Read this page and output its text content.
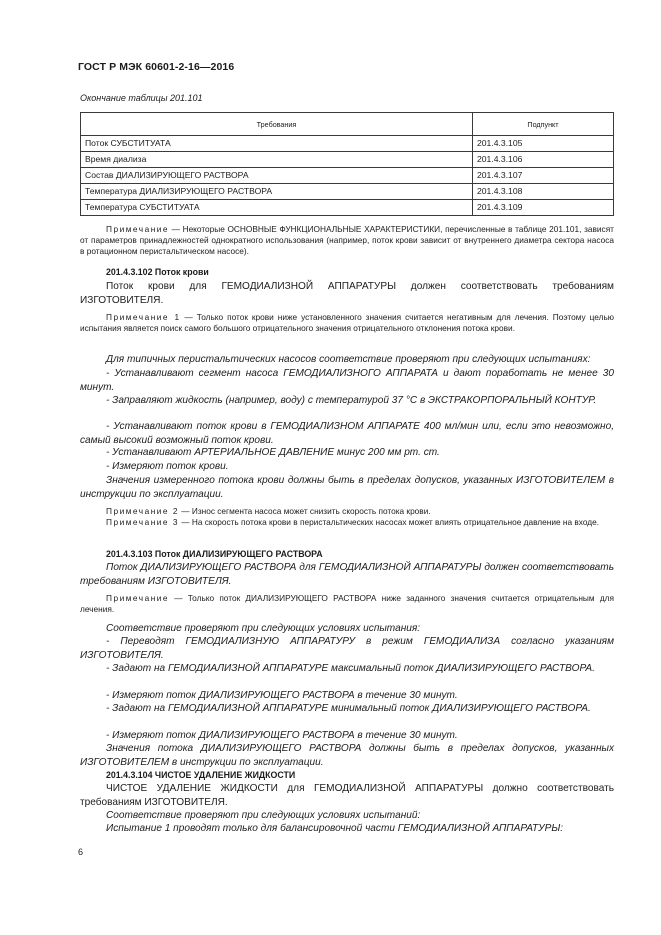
ГОСТ Р МЭК 60601-2-16—2016
Окончание таблицы 201.101
Требования	Подпункт
Поток СУБСТИТУАТА	201.4.3.105
Время диализа	201.4.3.106
Состав ДИАЛИЗИРУЮЩЕГО РАСТВОРА	201.4.3.107
Температура ДИАЛИЗИРУЮЩЕГО РАСТВОРА	201.4.3.108
Температура СУБСТИТУАТА	201.4.3.109

Примечание — Некоторые ОСНОВНЫЕ ФУНКЦИОНАЛЬНЫЕ ХАРАКТЕРИСТИКИ, перечисленные в таблице 201.101, зависят от параметров принадлежностей однократного использования (например, поток крови зависит от внутреннего диаметра сектора насоса в ротационном перистальтическом насосе).

201.4.3.102 Поток крови

Поток крови для ГЕМОДИАЛИЗНОЙ АППАРАТУРЫ должен соответствовать требованиям ИЗГОТОВИТЕЛЯ.

Примечание 1 — Только поток крови ниже установленного значения считается негативным для лечения. Поэтому целью испытания является поиск самого большого отрицательного значения отрицательного отклонения потока крови.

Для типичных перистальтических насосов соответствие проверяют при следующих испытаниях:

- Устанавливают сегмент насоса ГЕМОДИАЛИЗНОГО АППАРАТА и дают поработать не менее 30 минут.

- Заправляют жидкость (например, воду) с температурой 37 °С в ЭКСТРАКОРПОРАЛЬНЫЙ КОНТУР.

- Устанавливают поток крови в ГЕМОДИАЛИЗНОМ АППАРАТЕ 400 мл/мин или, если это невозможно, самый высокий возможный поток крови.

- Устанавливают АРТЕРИАЛЬНОЕ ДАВЛЕНИЕ минус 200 мм рт. ст.

- Измеряют поток крови.

Значения измеренного потока крови должны быть в пределах допусков, указанных ИЗГОТОВИТЕЛЕМ в инструкции по эксплуатации.

Примечание 2 — Износ сегмента насоса может снизить скорость потока крови.

Примечание 3 — На скорость потока крови в перистальтических насосах может влиять отрицательное давление на входе.

201.4.3.103 Поток ДИАЛИЗИРУЮЩЕГО РАСТВОРА

Поток ДИАЛИЗИРУЮЩЕГО РАСТВОРА для ГЕМОДИАЛИЗНОЙ АППАРАТУРЫ должен соответствовать требованиям ИЗГОТОВИТЕЛЯ.

Примечание — Только поток ДИАЛИЗИРУЮЩЕГО РАСТВОРА ниже заданного значения считается отрицательным для лечения.

Соответствие проверяют при следующих условиях испытания:

- Переводят ГЕМОДИАЛИЗНУЮ АППАРАТУРУ в режим ГЕМОДИАЛИЗА согласно указаниям ИЗГОТОВИТЕЛЯ.

- Задают на ГЕМОДИАЛИЗНОЙ АППАРАТУРЕ максимальный поток ДИАЛИЗИРУЮЩЕГО РАСТВОРА.

- Измеряют поток ДИАЛИЗИРУЮЩЕГО РАСТВОРА в течение 30 минут.

- Задают на ГЕМОДИАЛИЗНОЙ АППАРАТУРЕ минимальный поток ДИАЛИЗИРУЮЩЕГО РАСТВОРА.

- Измеряют поток ДИАЛИЗИРУЮЩЕГО РАСТВОРА в течение 30 минут.

Значения потока ДИАЛИЗИРУЮЩЕГО РАСТВОРА должны быть в пределах допусков, указанных ИЗГОТОВИТЕЛЕМ в инструкции по эксплуатации.

201.4.3.104 ЧИСТОЕ УДАЛЕНИЕ ЖИДКОСТИ

ЧИСТОЕ УДАЛЕНИЕ ЖИДКОСТИ для ГЕМОДИАЛИЗНОЙ АППАРАТУРЫ должно соответствовать требованиям ИЗГОТОВИТЕЛЯ.

Соответствие проверяют при следующих условиях испытаний:

Испытание 1 проводят только для балансировочной части ГЕМОДИАЛИЗНОЙ АППАРАТУРЫ:

6
